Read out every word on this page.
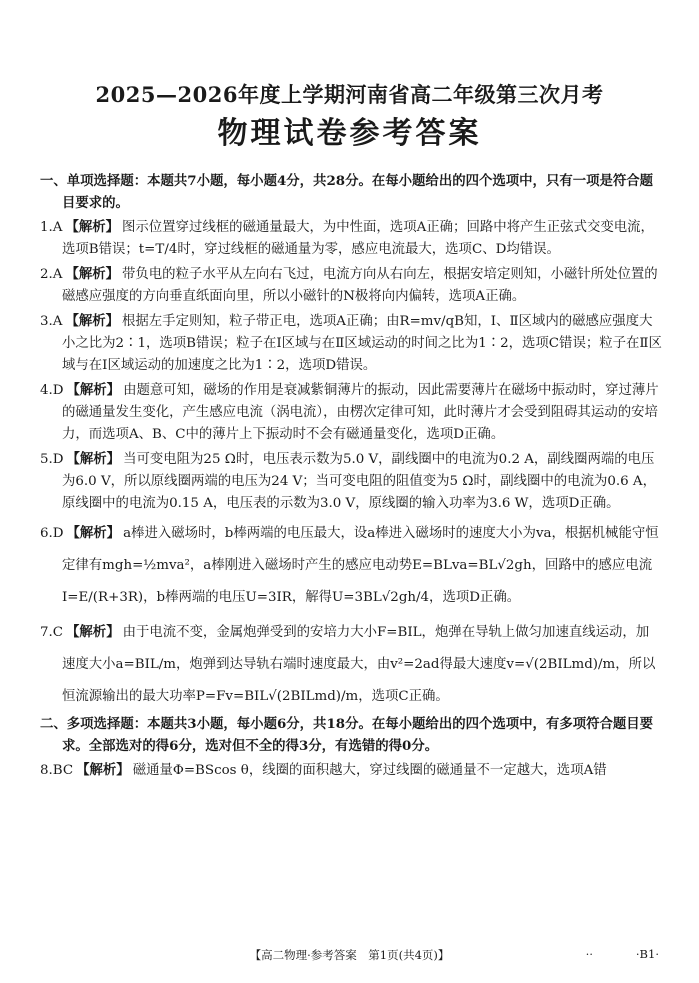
2025—2026年度上学期河南省高二年级第三次月考
物理试卷参考答案

一、单项选择题：本题共7小题，每小题4分，共28分。在每小题给出的四个选项中，只有一项是符合题目要求的。

1.A 【解析】 图示位置穿过线框的磁通量最大，为中性面，选项A正确；回路中将产生正弦式交变电流，选项B错误；t=T/4时，穿过线框的磁通量为零，感应电流最大，选项C、D均错误。

2.A 【解析】 带负电的粒子水平从左向右飞过，电流方向从右向左，根据安培定则知，小磁针所处位置的磁感应强度的方向垂直纸面向里，所以小磁针的N极将向内偏转，选项A正确。

3.A 【解析】 根据左手定则知，粒子带正电，选项A正确；由R=mv/qB知，Ⅰ、Ⅱ区域内的磁感应强度大小之比为2∶1，选项B错误；粒子在Ⅰ区域与在Ⅱ区域运动的时间之比为1∶2，选项C错误；粒子在Ⅱ区域与在Ⅰ区域运动的加速度之比为1∶2，选项D错误。

4.D 【解析】 由题意可知，磁场的作用是衰减紫铜薄片的振动，因此需要薄片在磁场中振动时，穿过薄片的磁通量发生变化，产生感应电流（涡电流），由楞次定律可知，此时薄片才会受到阻碍其运动的安培力，而选项A、B、C中的薄片上下振动时不会有磁通量变化，选项D正确。

5.D 【解析】 当可变电阻为25 Ω时，电压表示数为5.0 V，副线圈中的电流为0.2 A，副线圈两端的电压为6.0 V，所以原线圈两端的电压为24 V；当可变电阻的阻值变为5 Ω时，副线圈中的电流为0.6 A，原线圈中的电流为0.15 A，电压表的示数为3.0 V，原线圈的输入功率为3.6 W，选项D正确。

6.D 【解析】 a棒进入磁场时，b棒两端的电压最大，设a棒进入磁场时的速度大小为va，根据机械能守恒定律有mgh=½mva²，a棒刚进入磁场时产生的感应电动势E=BLva=BL√2gh，回路中的感应电流I=E/(R+3R)，b棒两端的电压U=3IR，解得U=3BL√2gh/4，选项D正确。

7.C 【解析】 由于电流不变，金属炮弹受到的安培力大小F=BIL，炮弹在导轨上做匀加速直线运动，加速度大小a=BIL/m，炮弹到达导轨右端时速度最大，由v²=2ad得最大速度v=√(2BILmd)/m，所以恒流源输出的最大功率P=Fv=BIL√(2BILmd)/m，选项C正确。

二、多项选择题：本题共3小题，每小题6分，共18分。在每小题给出的四个选项中，有多项符合题目要求。全部选对的得6分，选对但不全的得3分，有选错的得0分。

8.BC 【解析】 磁通量Φ=BScos θ，线圈的面积越大，穿过线圈的磁通量不一定越大，选项A错

【高二物理·参考答案　第1页(共4页)】	‥	·B1·
